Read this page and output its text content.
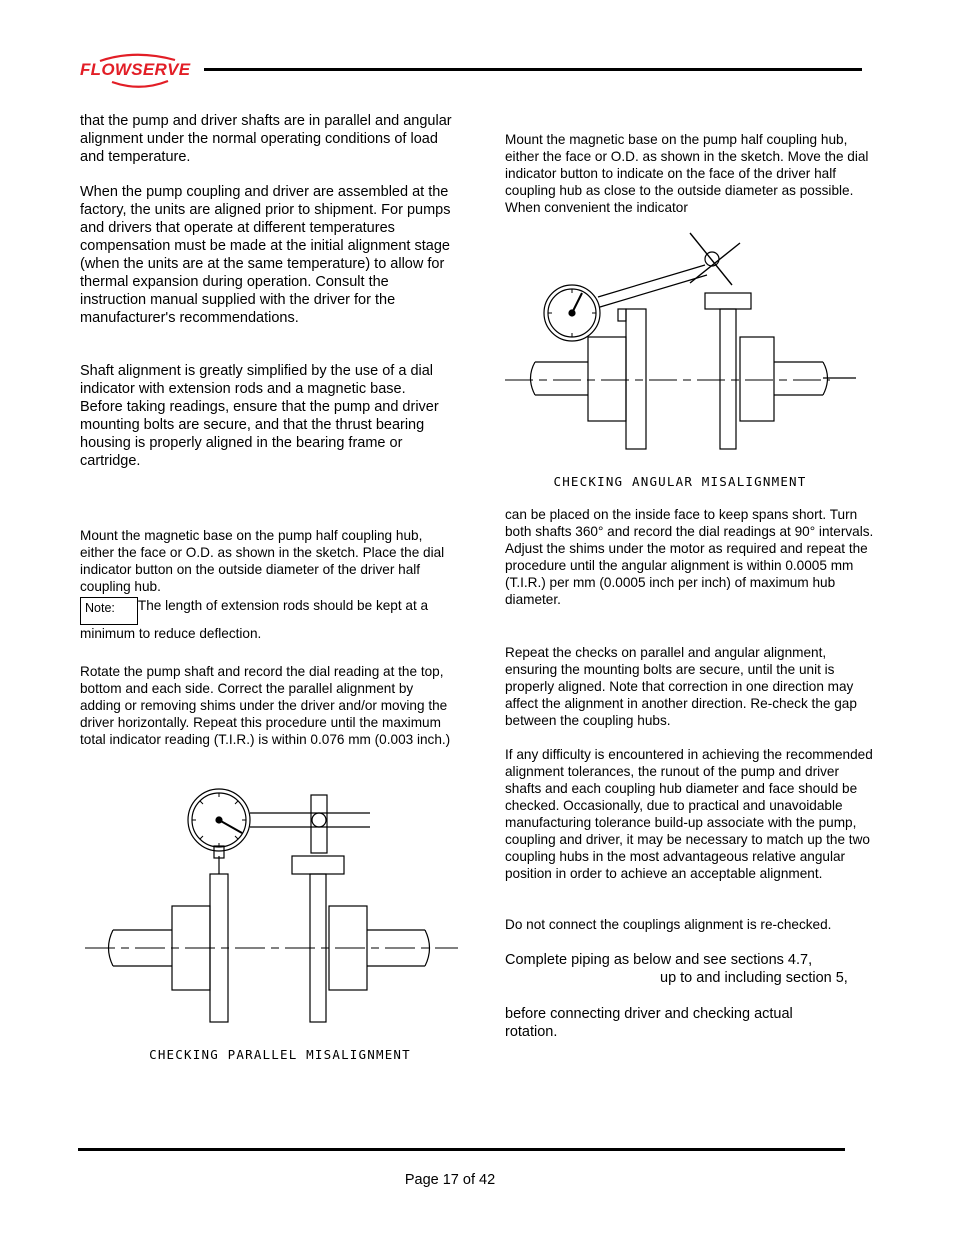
FLOWSERVE

that the pump and driver shafts are in parallel and angular alignment under the normal operating conditions of load and temperature.

When the pump coupling and driver are assembled at the factory, the units are aligned prior to shipment. For pumps and drivers that operate at different temperatures compensation must be made at the initial alignment stage (when the units are at the same temperature) to allow for thermal expansion during operation. Consult the instruction manual supplied with the driver for the manufacturer's recommendations.

Shaft alignment is greatly simplified by the use of a dial indicator with extension rods and a magnetic base. Before taking readings, ensure that the pump and driver mounting bolts are secure, and that the thrust bearing housing is properly aligned in the bearing frame or cartridge.

Mount the magnetic base on the pump half coupling hub, either the face or O.D. as shown in the sketch. Place the dial indicator button on the outside diameter of the driver half coupling hub.

Note: The length of extension rods should be kept at a minimum to reduce deflection.

Rotate the pump shaft and record the dial reading at the top, bottom and each side. Correct the parallel alignment by adding or removing shims under the driver and/or moving the driver horizontally. Repeat this procedure until the maximum total indicator reading (T.I.R.) is within 0.076 mm (0.003 inch.)

CHECKING PARALLEL MISALIGNMENT

Mount the magnetic base on the pump half coupling hub, either the face or O.D. as shown in the sketch. Move the dial indicator button to indicate on the face of the driver half coupling hub as close to the outside diameter as possible. When convenient the indicator

CHECKING ANGULAR MISALIGNMENT

can be placed on the inside face to keep spans short. Turn both shafts 360° and record the dial readings at 90° intervals. Adjust the shims under the motor as required and repeat the procedure until the angular alignment is within 0.0005 mm (T.I.R.) per mm (0.0005 inch per inch) of maximum hub diameter.

Repeat the checks on parallel and angular alignment, ensuring the mounting bolts are secure, until the unit is properly aligned. Note that correction in one direction may affect the alignment in another direction. Re-check the gap between the coupling hubs.

If any difficulty is encountered in achieving the recommended alignment tolerances, the runout of the pump and driver shafts and each coupling hub diameter and face should be checked. Occasionally, due to practical and unavoidable manufacturing tolerance build-up associate with the pump, coupling and driver, it may be necessary to match up the two coupling hubs in the most advantageous relative angular position in order to achieve an acceptable alignment.

Do not connect the couplings alignment is re-checked.

Complete piping as below and see sections 4.7,

up to and including section 5,

before connecting driver and checking actual rotation.

Page 17 of 42
